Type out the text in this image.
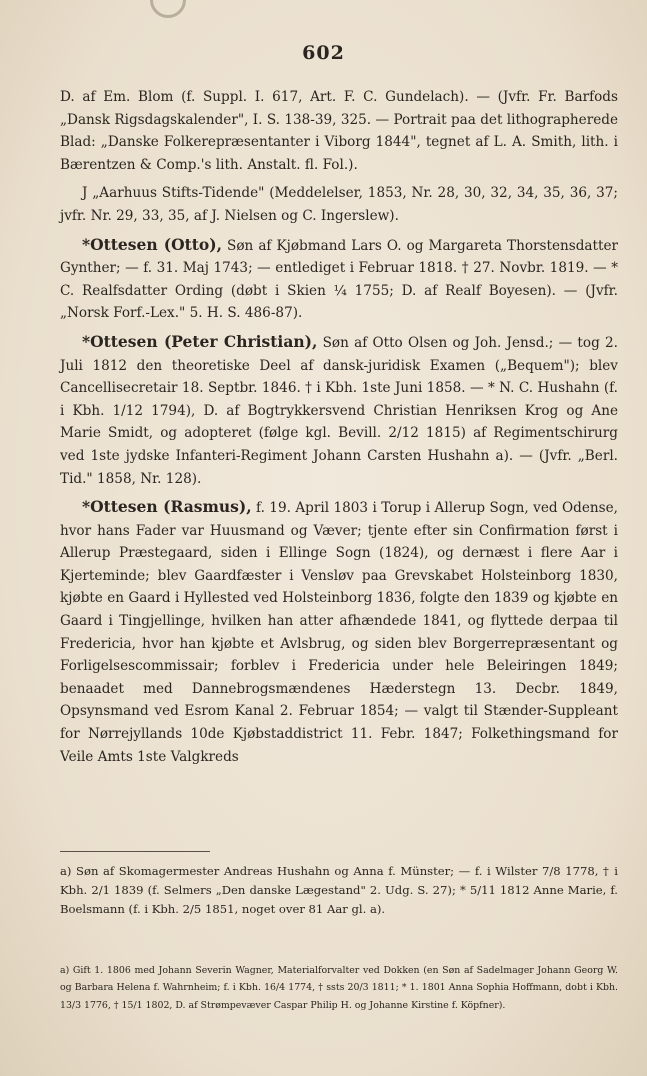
602

D. af Em. Blom (f. Suppl. I. 617, Art. F. C. Gundelach). — (Jvfr. Fr. Barfods „Dansk Rigsdagskalender", I. S. 138-39, 325. — Portrait paa det lithographerede Blad: „Danske Folkerepræsentanter i Viborg 1844", tegnet af L. A. Smith, lith. i Bærentzen & Comp.'s lith. Anstalt. fl. Fol.).

J „Aarhuus Stifts-Tidende" (Meddelelser, 1853, Nr. 28, 30, 32, 34, 35, 36, 37; jvfr. Nr. 29, 33, 35, af J. Nielsen og C. Ingerslew).

*Ottesen (Otto), Søn af Kjøbmand Lars O. og Margareta Thorstensdatter Gynther; — f. 31. Maj 1743; — entlediget i Februar 1818. † 27. Novbr. 1819. — * C. Realfsdatter Ording (døbt i Skien ¼ 1755; D. af Realf Boyesen). — (Jvfr. „Norsk Forf.-Lex." 5. H. S. 486-87).

*Ottesen (Peter Christian), Søn af Otto Olsen og Joh. Jensd.; — tog 2. Juli 1812 den theoretiske Deel af dansk-juridisk Examen („Bequem"); blev Cancellisecretair 18. Septbr. 1846. † i Kbh. 1ste Juni 1858. — * N. C. Hushahn (f. i Kbh. 1/12 1794), D. af Bogtrykkersvend Christian Henriksen Krog og Ane Marie Smidt, og adopteret (følge kgl. Bevill. 2/12 1815) af Regimentschirurg ved 1ste jydske Infanteri-Regiment Johann Carsten Hushahn a). — (Jvfr. „Berl. Tid." 1858, Nr. 128).

*Ottesen (Rasmus), f. 19. April 1803 i Torup i Allerup Sogn, ved Odense, hvor hans Fader var Huusmand og Væver; tjente efter sin Confirmation først i Allerup Præstegaard, siden i Ellinge Sogn (1824), og dernæst i flere Aar i Kjerteminde; blev Gaardfæster i Vensløv paa Grevskabet Holsteinborg 1830, kjøbte en Gaard i Hyllested ved Holsteinborg 1836, folgte den 1839 og kjøbte en Gaard i Tingjellinge, hvilken han atter afhændede 1841, og flyttede derpaa til Fredericia, hvor han kjøbte et Avlsbrug, og siden blev Borgerrepræsentant og Forligelsescommissair; forblev i Fredericia under hele Beleiringen 1849; benaadet med Dannebrogsmændenes Hæderstegn 13. Decbr. 1849, Opsynsmand ved Esrom Kanal 2. Februar 1854; — valgt til Stænder-Suppleant for Nørrejyllands 10de Kjøbstaddistrict 11. Febr. 1847; Folkethingsmand for Veile Amts 1ste Valgkreds

a) Søn af Skomagermester Andreas Hushahn og Anna f. Münster; — f. i Wilster 7/8 1778, † i Kbh. 2/1 1839 (f. Selmers „Den danske Lægestand" 2. Udg. S. 27); * 5/11 1812 Anne Marie, f. Boelsmann (f. i Kbh. 2/5 1851, noget over 81 Aar gl. a).

a) Gift 1. 1806 med Johann Severin Wagner, Materialforvalter ved Dokken (en Søn af Sadelmager Johann Georg W. og Barbara Helena f. Wahrnheim; f. i Kbh. 16/4 1774, † ssts 20/3 1811; * 1. 1801 Anna Sophia Hoffmann, dobt i Kbh. 13/3 1776, † 15/1 1802, D. af Strømpevæver Caspar Philip H. og Johanne Kirstine f. Köpfner).
